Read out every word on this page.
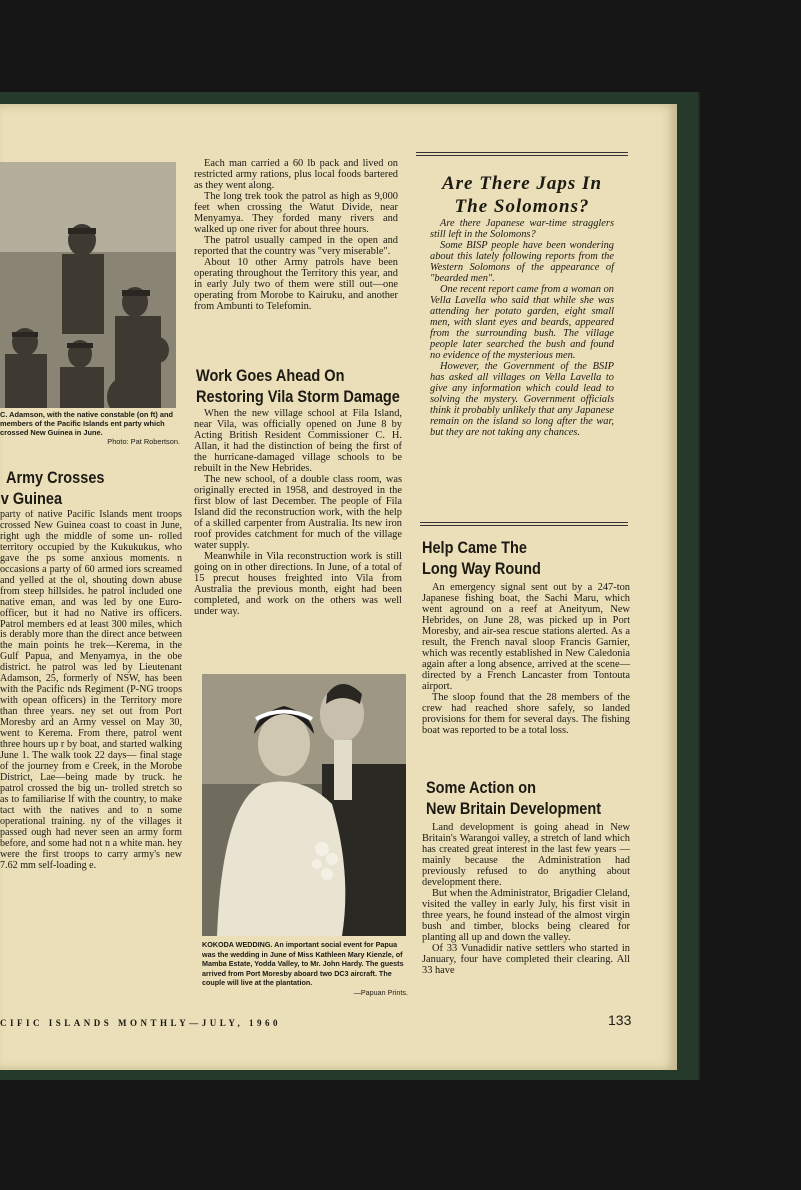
C. Adamson, with the native constable (on ft) and members of the Pacific Islands ent party which crossed New Guinea in June.
Photo: Pat Robertson.
Army Crosses
v Guinea

party of native Pacific Islands ment troops crossed New Guinea coast to coast in June, right ugh the middle of some un- rolled territory occupied by the Kukukukus, who gave the ps some anxious moments. n occasions a party of 60 armed iors screamed and yelled at the ol, shouting down abuse from steep hillsides. he patrol included one native eman, and was led by one Euro- officer, but it had no Native irs officers. Patrol members ed at least 300 miles, which is derably more than the direct ance between the main points he trek—Kerema, in the Gulf Papua, and Menyamya, in the obe district. he patrol was led by Lieutenant Adamson, 25, formerly of NSW, has been with the Pacific nds Regiment (P-NG troops with opean officers) in the Territory more than three years. ney set out from Port Moresby ard an Army vessel on May 30, went to Kerema. From there, patrol went three hours up r by boat, and started walking June 1. The walk took 22 days— final stage of the journey from e Creek, in the Morobe District, Lae—being made by truck. he patrol crossed the big un- trolled stretch so as to familiarise lf with the country, to make tact with the natives and to n some operational training. ny of the villages it passed ough had never seen an army form before, and some had not n a white man. hey were the first troops to carry army's new 7.62 mm self-loading e.

Each man carried a 60 lb pack and lived on restricted army rations, plus local foods bartered as they went along.

The long trek took the patrol as high as 9,000 feet when crossing the Watut Divide, near Menyamya. They forded many rivers and walked up one river for about three hours.

The patrol usually camped in the open and reported that the country was "very miserable".

About 10 other Army patrols have been operating throughout the Territory this year, and in early July two of them were still out—one operating from Morobe to Kairuku, and another from Ambunti to Telefomin.

Work Goes Ahead On
Restoring Vila Storm Damage

When the new village school at Fila Island, near Vila, was officially opened on June 8 by Acting British Resident Commissioner C. H. Allan, it had the distinction of being the first of the hurricane-damaged village schools to be rebuilt in the New Hebrides.

The new school, of a double class room, was originally erected in 1958, and destroyed in the first blow of last December. The people of Fila Island did the reconstruction work, with the help of a skilled carpenter from Australia. Its new iron roof provides catchment for much of the village water supply.

Meanwhile in Vila reconstruction work is still going on in other directions. In June, of a total of 15 precut houses freighted into Vila from Australia the previous month, eight had been completed, and work on the others was well under way.

KOKODA WEDDING. An important social event for Papua was the wedding in June of Miss Kathleen Mary Kienzle, of Mamba Estate, Yodda Valley, to Mr. John Hardy. The guests arrived from Port Moresby aboard two DC3 aircraft. The couple will live at the plantation.
—Papuan Prints.
Are There Japs In
The Solomons?

Are there Japanese war-time stragglers still left in the Solomons?

Some BISP people have been wondering about this lately following reports from the Western Solomons of the appearance of "bearded men".

One recent report came from a woman on Vella Lavella who said that while she was attending her potato garden, eight small men, with slant eyes and beards, appeared from the surrounding bush. The village people later searched the bush and found no evidence of the mysterious men.

However, the Government of the BSIP has asked all villages on Vella Lavella to give any information which could lead to solving the mystery. Government officials think it probably unlikely that any Japanese remain on the island so long after the war, but they are not taking any chances.

Help Came The
Long Way Round

An emergency signal sent out by a 247-ton Japanese fishing boat, the Sachi Maru, which went aground on a reef at Aneityum, New Hebrides, on June 28, was picked up in Port Moresby, and air-sea rescue stations alerted. As a result, the French naval sloop Francis Garnier, which was recently established in New Caledonia again after a long absence, arrived at the scene—directed by a French Lancaster from Tontouta airport.

The sloop found that the 28 members of the crew had reached shore safely, so landed provisions for them for several days. The fishing boat was reported to be a total loss.

Some Action on
New Britain Development

Land development is going ahead in New Britain's Warangoi valley, a stretch of land which has created great interest in the last few years —mainly because the Administration had previously refused to do anything about development there.

But when the Administrator, Brigadier Cleland, visited the valley in early July, his first visit in three years, he found instead of the almost virgin bush and timber, blocks being cleared for planting all up and down the valley.

Of 33 Vunadidir native settlers who started in January, four have completed their clearing. All 33 have

CIFIC ISLANDS MONTHLY—JULY, 1960	133
